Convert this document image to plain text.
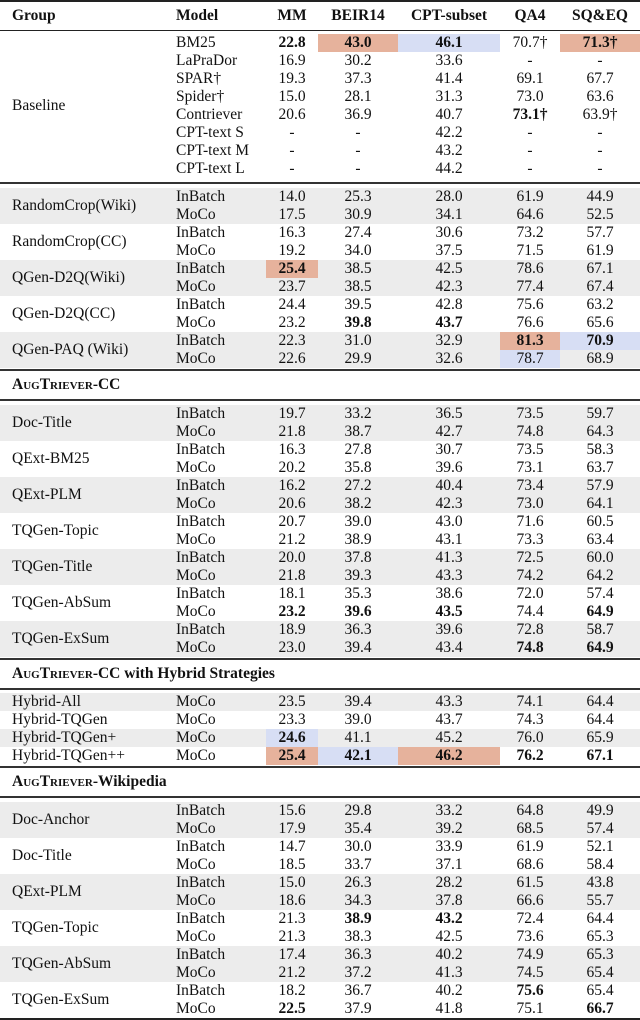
Group	Model	MM	BEIR14	CPT-subset	QA4	SQ&EQ
Baseline
BM25	22.8	43.0	46.1	70.7†	71.3†
LaPraDor	16.9	30.2	33.6	-	-
SPAR†	19.3	37.3	41.4	69.1	67.7
Spider†	15.0	28.1	31.3	73.0	63.6
Contriever	20.6	36.9	40.7	73.1†	63.9†
CPT-text S	-	-	42.2	-	-
CPT-text M	-	-	43.2	-	-
CPT-text L	-	-	44.2	-	-
RandomCrop(Wiki)
InBatch	14.0	25.3	28.0	61.9	44.9
MoCo	17.5	30.9	34.1	64.6	52.5
RandomCrop(CC)
InBatch	16.3	27.4	30.6	73.2	57.7
MoCo	19.2	34.0	37.5	71.5	61.9
QGen-D2Q(Wiki)
InBatch	25.4	38.5	42.5	78.6	67.1
MoCo	23.7	38.5	42.3	77.4	67.4
QGen-D2Q(CC)
InBatch	24.4	39.5	42.8	75.6	63.2
MoCo	23.2	39.8	43.7	76.6	65.6
QGen-PAQ (Wiki)
InBatch	22.3	31.0	32.9	81.3	70.9
MoCo	22.6	29.9	32.6	78.7	68.9
AugTriever-CC
Doc-Title
InBatch	19.7	33.2	36.5	73.5	59.7
MoCo	21.8	38.7	42.7	74.8	64.3
QExt-BM25
InBatch	16.3	27.8	30.7	73.5	58.3
MoCo	20.2	35.8	39.6	73.1	63.7
QExt-PLM
InBatch	16.2	27.2	40.4	73.4	57.9
MoCo	20.6	38.2	42.3	73.0	64.1
TQGen-Topic
InBatch	20.7	39.0	43.0	71.6	60.5
MoCo	21.2	38.9	43.1	73.3	63.4
TQGen-Title
InBatch	20.0	37.8	41.3	72.5	60.0
MoCo	21.8	39.3	43.3	74.2	64.2
TQGen-AbSum
InBatch	18.1	35.3	38.6	72.0	57.4
MoCo	23.2	39.6	43.5	74.4	64.9
TQGen-ExSum
InBatch	18.9	36.3	39.6	72.8	58.7
MoCo	23.0	39.4	43.4	74.8	64.9
AugTriever-CC with Hybrid Strategies
Hybrid-All	MoCo	23.5	39.4	43.3	74.1	64.4
Hybrid-TQGen	MoCo	23.3	39.0	43.7	74.3	64.4
Hybrid-TQGen+	MoCo	24.6	41.1	45.2	76.0	65.9
Hybrid-TQGen++	MoCo	25.4	42.1	46.2	76.2	67.1
AugTriever-Wikipedia
Doc-Anchor
InBatch	15.6	29.8	33.2	64.8	49.9
MoCo	17.9	35.4	39.2	68.5	57.4
Doc-Title
InBatch	14.7	30.0	33.9	61.9	52.1
MoCo	18.5	33.7	37.1	68.6	58.4
QExt-PLM
InBatch	15.0	26.3	28.2	61.5	43.8
MoCo	18.6	34.3	37.8	66.6	55.7
TQGen-Topic
InBatch	21.3	38.9	43.2	72.4	64.4
MoCo	21.3	38.3	42.5	73.6	65.3
TQGen-AbSum
InBatch	17.4	36.3	40.2	74.9	65.3
MoCo	21.2	37.2	41.3	74.5	65.4
TQGen-ExSum
InBatch	18.2	36.7	40.2	75.6	65.4
MoCo	22.5	37.9	41.8	75.1	66.7
